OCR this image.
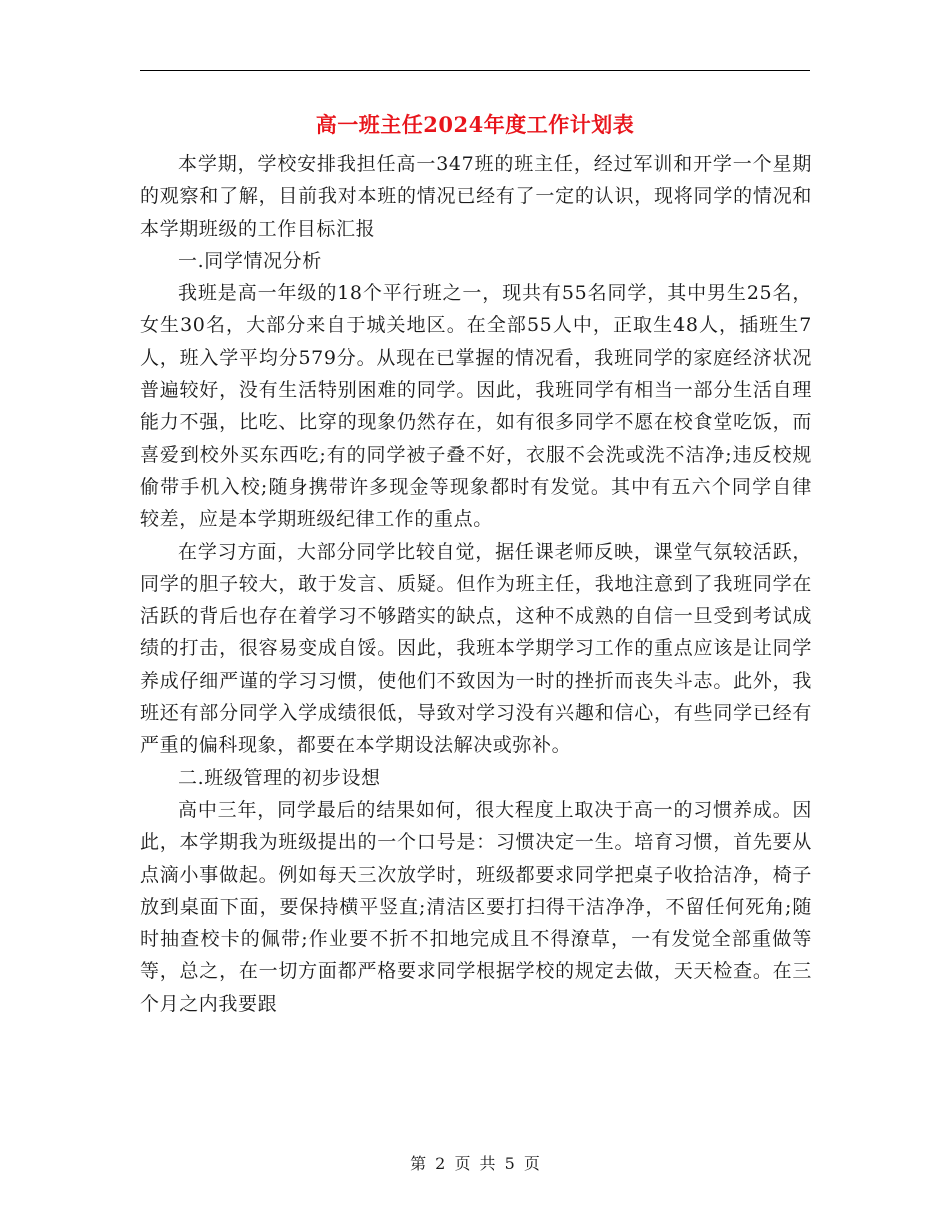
高一班主任2024年度工作计划表

本学期，学校安排我担任高一347班的班主任，经过军训和开学一个星期的观察和了解，目前我对本班的情况已经有了一定的认识，现将同学的情况和本学期班级的工作目标汇报

一.同学情况分析

我班是高一年级的18个平行班之一，现共有55名同学，其中男生25名，女生30名，大部分来自于城关地区。在全部55人中，正取生48人，插班生7人，班入学平均分579分。从现在已掌握的情况看，我班同学的家庭经济状况普遍较好，没有生活特别困难的同学。因此，我班同学有相当一部分生活自理能力不强，比吃、比穿的现象仍然存在，如有很多同学不愿在校食堂吃饭，而喜爱到校外买东西吃;有的同学被子叠不好，衣服不会洗或洗不洁净;违反校规偷带手机入校;随身携带许多现金等现象都时有发觉。其中有五六个同学自律较差，应是本学期班级纪律工作的重点。

在学习方面，大部分同学比较自觉，据任课老师反映，课堂气氛较活跃，同学的胆子较大，敢于发言、质疑。但作为班主任，我地注意到了我班同学在活跃的背后也存在着学习不够踏实的缺点，这种不成熟的自信一旦受到考试成绩的打击，很容易变成自馁。因此，我班本学期学习工作的重点应该是让同学养成仔细严谨的学习习惯，使他们不致因为一时的挫折而丧失斗志。此外，我班还有部分同学入学成绩很低，导致对学习没有兴趣和信心，有些同学已经有严重的偏科现象，都要在本学期设法解决或弥补。

二.班级管理的初步设想

高中三年，同学最后的结果如何，很大程度上取决于高一的习惯养成。因此，本学期我为班级提出的一个口号是：习惯决定一生。培育习惯，首先要从点滴小事做起。例如每天三次放学时，班级都要求同学把桌子收拾洁净，椅子放到桌面下面，要保持横平竖直;清洁区要打扫得干洁净净，不留任何死角;随时抽查校卡的佩带;作业要不折不扣地完成且不得潦草，一有发觉全部重做等等，总之，在一切方面都严格要求同学根据学校的规定去做，天天检查。在三个月之内我要跟

第 2 页 共 5 页
